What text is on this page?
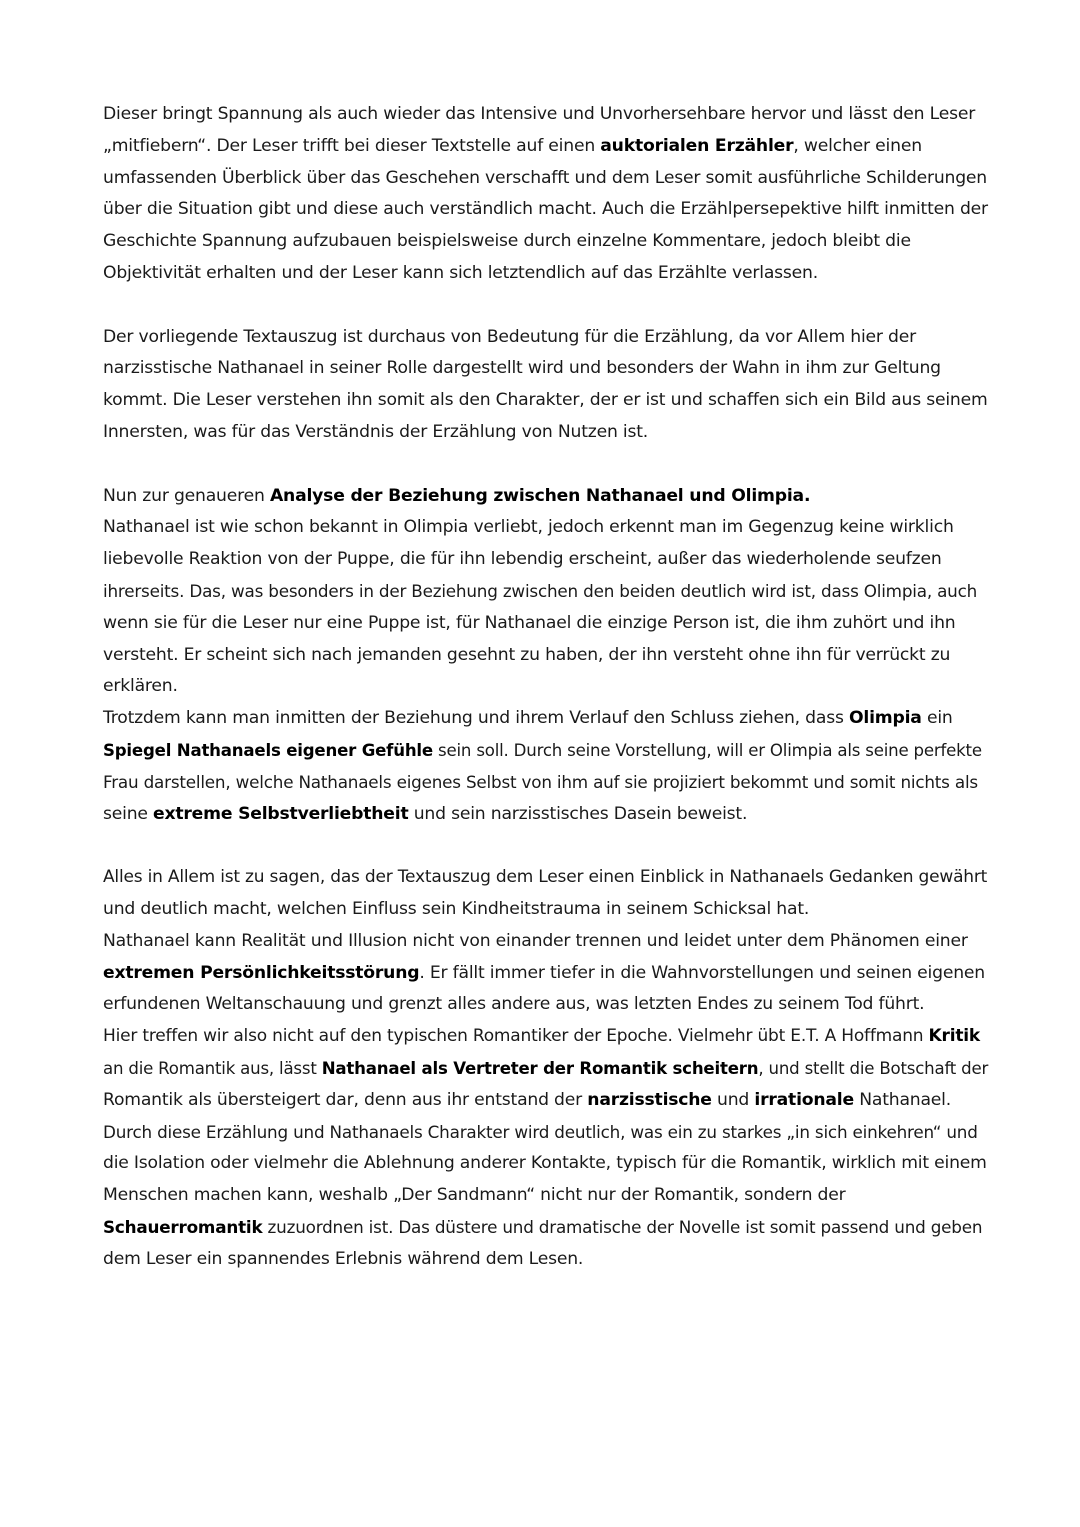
Dieser bringt Spannung als auch wieder das Intensive und Unvorhersehbare hervor und lässt den Leser
„mitfiebern“. Der Leser trifft bei dieser Textstelle auf einen auktorialen Erzähler, welcher einen
umfassenden Überblick über das Geschehen verschafft und dem Leser somit ausführliche Schilderungen
über die Situation gibt und diese auch verständlich macht. Auch die Erzählpersepektive hilft inmitten der
Geschichte Spannung aufzubauen beispielsweise durch einzelne Kommentare, jedoch bleibt die
Objektivität erhalten und der Leser kann sich letztendlich auf das Erzählte verlassen.
Der vorliegende Textauszug ist durchaus von Bedeutung für die Erzählung, da vor Allem hier der
narzisstische Nathanael in seiner Rolle dargestellt wird und besonders der Wahn in ihm zur Geltung
kommt. Die Leser verstehen ihn somit als den Charakter, der er ist und schaffen sich ein Bild aus seinem
Innersten, was für das Verständnis der Erzählung von Nutzen ist.
Nun zur genaueren Analyse der Beziehung zwischen Nathanael und Olimpia.
Nathanael ist wie schon bekannt in Olimpia verliebt, jedoch erkennt man im Gegenzug keine wirklich
liebevolle Reaktion von der Puppe, die für ihn lebendig erscheint, außer das wiederholende seufzen
ihrerseits. Das, was besonders in der Beziehung zwischen den beiden deutlich wird ist, dass Olimpia, auch
wenn sie für die Leser nur eine Puppe ist, für Nathanael die einzige Person ist, die ihm zuhört und ihn
versteht. Er scheint sich nach jemanden gesehnt zu haben, der ihn versteht ohne ihn für verrückt zu
erklären.
Trotzdem kann man inmitten der Beziehung und ihrem Verlauf den Schluss ziehen, dass Olimpia ein
Spiegel Nathanaels eigener Gefühle sein soll. Durch seine Vorstellung, will er Olimpia als seine perfekte
Frau darstellen, welche Nathanaels eigenes Selbst von ihm auf sie projiziert bekommt und somit nichts als
seine extreme Selbstverliebtheit und sein narzisstisches Dasein beweist.
Alles in Allem ist zu sagen, das der Textauszug dem Leser einen Einblick in Nathanaels Gedanken gewährt
und deutlich macht, welchen Einfluss sein Kindheitstrauma in seinem Schicksal hat.
Nathanael kann Realität und Illusion nicht von einander trennen und leidet unter dem Phänomen einer
extremen Persönlichkeitsstörung. Er fällt immer tiefer in die Wahnvorstellungen und seinen eigenen
erfundenen Weltanschauung und grenzt alles andere aus, was letzten Endes zu seinem Tod führt.
Hier treffen wir also nicht auf den typischen Romantiker der Epoche. Vielmehr übt E.T. A Hoffmann Kritik
an die Romantik aus, lässt Nathanael als Vertreter der Romantik scheitern, und stellt die Botschaft der
Romantik als übersteigert dar, denn aus ihr entstand der narzisstische und irrationale Nathanael.
Durch diese Erzählung und Nathanaels Charakter wird deutlich, was ein zu starkes „in sich einkehren“ und
die Isolation oder vielmehr die Ablehnung anderer Kontakte, typisch für die Romantik, wirklich mit einem
Menschen machen kann, weshalb „Der Sandmann“ nicht nur der Romantik, sondern der
Schauerromantik zuzuordnen ist. Das düstere und dramatische der Novelle ist somit passend und geben
dem Leser ein spannendes Erlebnis während dem Lesen.
